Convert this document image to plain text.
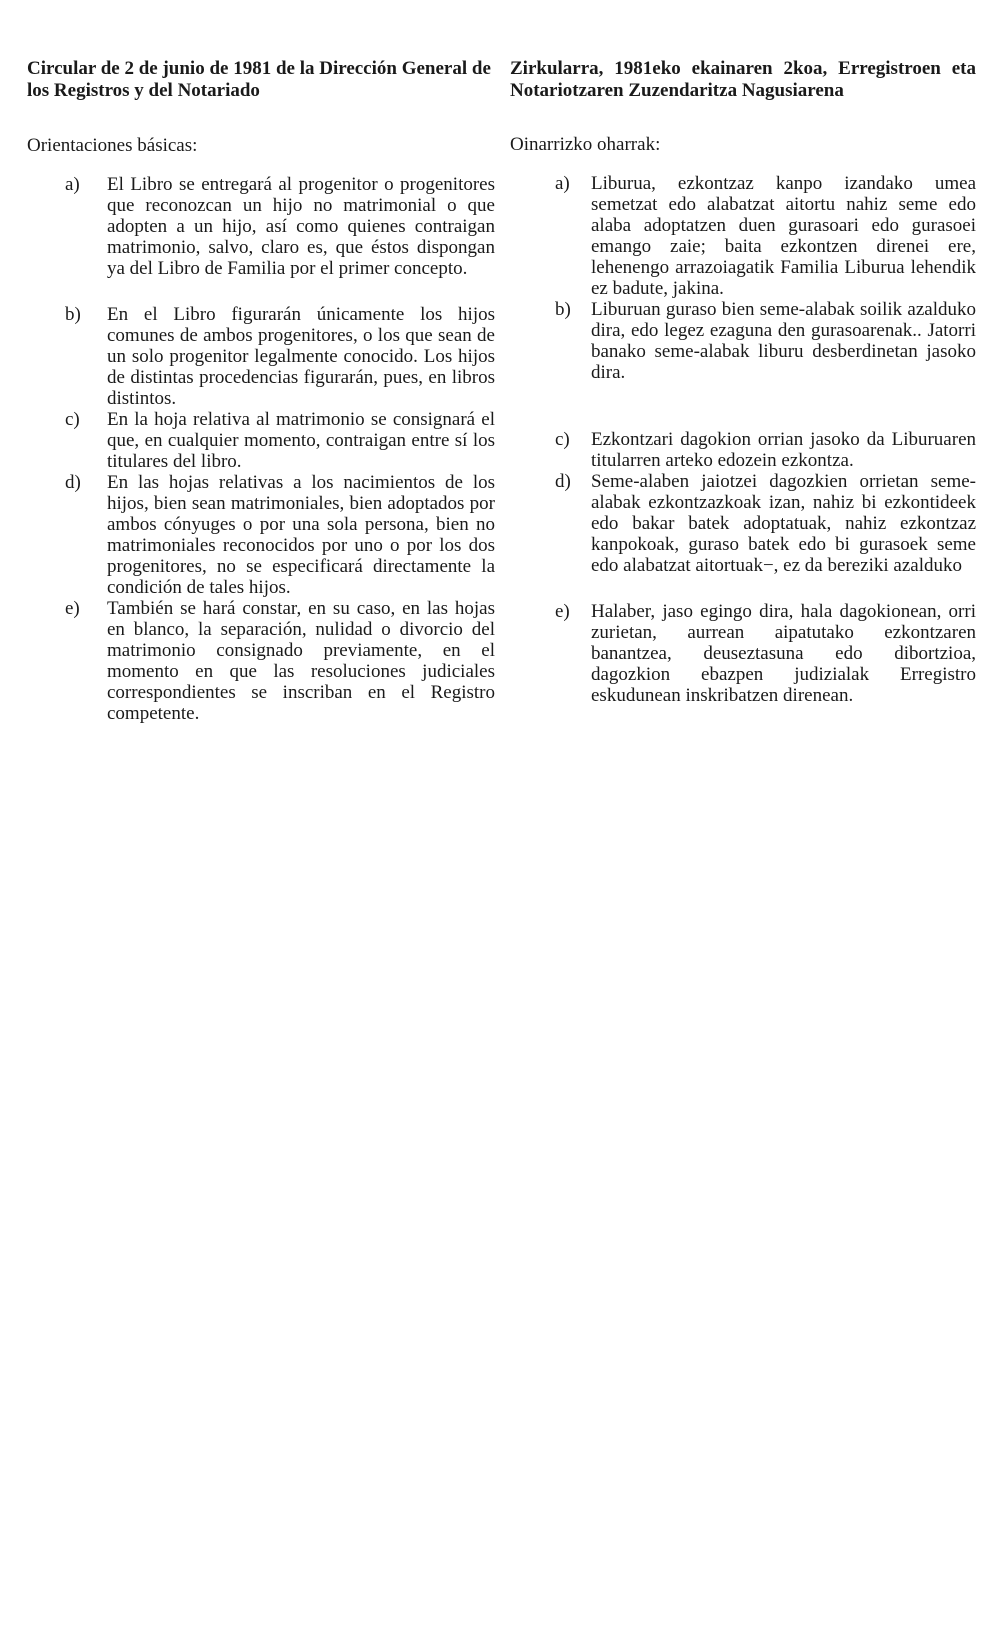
Circular de 2 de junio de 1981 de la Dirección General de los Registros y del Notariado

Orientaciones básicas:

a)	El Libro se entregará al progenitor o progenitores que reconozcan un hijo no matrimonial o que adopten a un hijo, así como quienes contraigan matrimonio, salvo, claro es, que éstos dispongan ya del Libro de Familia por el primer concepto.
b)	En el Libro figurarán únicamente los hijos comunes de ambos progenitores, o los que sean de un solo progenitor legalmente conocido. Los hijos de distintas procedencias figurarán, pues, en libros distintos.
c)	En la hoja relativa al matrimonio se consignará el que, en cualquier momento, contraigan entre sí los titulares del libro.
d)	En las hojas relativas a los nacimientos de los hijos, bien sean matrimoniales, bien adoptados por ambos cónyuges o por una sola persona, bien no matrimoniales reconocidos por uno o por los dos progenitores, no se especificará directamente la condición de tales hijos.
e)	También se hará constar, en su caso, en las hojas en blanco, la separación, nulidad o divorcio del matrimonio consignado previamente, en el momento en que las resoluciones judiciales correspondientes se inscriban en el Registro competente.
Zirkularra, 1981eko ekainaren 2koa, Erregistroen eta Notariotzaren Zuzendaritza Nagusiarena

Oinarrizko oharrak:

a)	Liburua, ezkontzaz kanpo izandako umea semetzat edo alabatzat aitortu nahiz seme edo alaba adoptatzen duen gurasoari edo gurasoei emango zaie; baita ezkontzen direnei ere, lehenengo arrazoiagatik Familia Liburua lehendik ez badute, jakina.
b)	Liburuan guraso bien seme-alabak soilik azalduko dira, edo legez ezaguna den gurasoarenak.. Jatorri banako seme-alabak liburu desberdinetan jasoko dira.
c)	Ezkontzari dagokion orrian jasoko da Liburuaren titularren arteko edozein ezkontza.
d)	Seme-alaben jaiotzei dagozkien orrietan seme-alabak ezkontzazkoak izan, nahiz bi ezkontideek edo bakar batek adoptatuak, nahiz ezkontzaz kanpokoak, guraso batek edo bi gurasoek seme edo alabatzat aitortuak−, ez da bereziki azalduko
e)	Halaber, jaso egingo dira, hala dagokionean, orri zurietan, aurrean aipatutako ezkontzaren banantzea, deuseztasuna edo dibortzioa, dagozkion ebazpen judizialak Erregistro eskudunean inskribatzen direnean.
